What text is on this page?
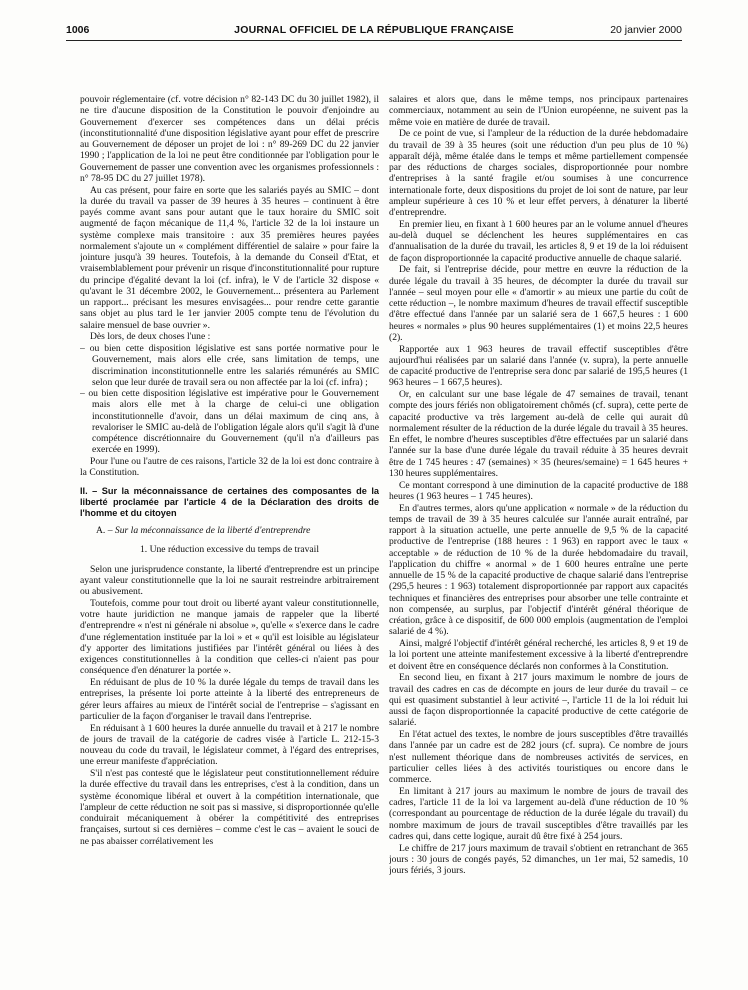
1006	JOURNAL OFFICIEL DE LA RÉPUBLIQUE FRANÇAISE	20 janvier 2000

pouvoir réglementaire (cf. votre décision n° 82-143 DC du 30 juillet 1982), il ne tire d'aucune disposition de la Constitution le pouvoir d'enjoindre au Gouvernement d'exercer ses compétences dans un délai précis (inconstitutionnalité d'une disposition législative ayant pour effet de prescrire au Gouvernement de déposer un projet de loi : n° 89-269 DC du 22 janvier 1990 ; l'application de la loi ne peut être conditionnée par l'obligation pour le Gouvernement de passer une convention avec les organismes professionnels : n° 78-95 DC du 27 juillet 1978).

Au cas présent, pour faire en sorte que les salariés payés au SMIC – dont la durée du travail va passer de 39 heures à 35 heures – continuent à être payés comme avant sans pour autant que le taux horaire du SMIC soit augmenté de façon mécanique de 11,4 %, l'article 32 de la loi instaure un système complexe mais transitoire : aux 35 premières heures payées normalement s'ajoute un « complément différentiel de salaire » pour faire la jointure jusqu'à 39 heures. Toutefois, à la demande du Conseil d'Etat, et vraisemblablement pour prévenir un risque d'inconstitutionnalité pour rupture du principe d'égalité devant la loi (cf. infra), le V de l'article 32 dispose « qu'avant le 31 décembre 2002, le Gouvernement... présentera au Parlement un rapport... précisant les mesures envisagées... pour rendre cette garantie sans objet au plus tard le 1er janvier 2005 compte tenu de l'évolution du salaire mensuel de base ouvrier ».

Dès lors, de deux choses l'une :

– ou bien cette disposition législative est sans portée normative pour le Gouvernement, mais alors elle crée, sans limitation de temps, une discrimination inconstitutionnelle entre les salariés rémunérés au SMIC selon que leur durée de travail sera ou non affectée par la loi (cf. infra) ;

– ou bien cette disposition législative est impérative pour le Gouvernement mais alors elle met à la charge de celui-ci une obligation inconstitutionnelle d'avoir, dans un délai maximum de cinq ans, à revaloriser le SMIC au-delà de l'obligation légale alors qu'il s'agit là d'une compétence discrétionnaire du Gouvernement (qu'il n'a d'ailleurs pas exercée en 1999).

Pour l'une ou l'autre de ces raisons, l'article 32 de la loi est donc contraire à la Constitution.

II. – Sur la méconnaissance de certaines des composantes de la liberté proclamée par l'article 4 de la Déclaration des droits de l'homme et du citoyen

A. – Sur la méconnaissance de la liberté d'entreprendre

1. Une réduction excessive du temps de travail

Selon une jurisprudence constante, la liberté d'entreprendre est un principe ayant valeur constitutionnelle que la loi ne saurait restreindre arbitrairement ou abusivement.

Toutefois, comme pour tout droit ou liberté ayant valeur constitutionnelle, votre haute juridiction ne manque jamais de rappeler que la liberté d'entreprendre « n'est ni générale ni absolue », qu'elle « s'exerce dans le cadre d'une réglementation instituée par la loi » et « qu'il est loisible au législateur d'y apporter des limitations justifiées par l'intérêt général ou liées à des exigences constitutionnelles à la condition que celles-ci n'aient pas pour conséquence d'en dénaturer la portée ».

En réduisant de plus de 10 % la durée légale du temps de travail dans les entreprises, la présente loi porte atteinte à la liberté des entrepreneurs de gérer leurs affaires au mieux de l'intérêt social de l'entreprise – s'agissant en particulier de la façon d'organiser le travail dans l'entreprise.

En réduisant à 1 600 heures la durée annuelle du travail et à 217 le nombre de jours de travail de la catégorie de cadres visée à l'article L. 212-15-3 nouveau du code du travail, le législateur commet, à l'égard des entreprises, une erreur manifeste d'appréciation.

S'il n'est pas contesté que le législateur peut constitutionnellement réduire la durée effective du travail dans les entreprises, c'est à la condition, dans un système économique libéral et ouvert à la compétition internationale, que l'ampleur de cette réduction ne soit pas si massive, si disproportionnée qu'elle conduirait mécaniquement à obérer la compétitivité des entreprises françaises, surtout si ces dernières – comme c'est le cas – avaient le souci de ne pas abaisser corrélativement les

salaires et alors que, dans le même temps, nos principaux partenaires commerciaux, notamment au sein de l'Union européenne, ne suivent pas la même voie en matière de durée de travail.

De ce point de vue, si l'ampleur de la réduction de la durée hebdomadaire du travail de 39 à 35 heures (soit une réduction d'un peu plus de 10 %) apparaît déjà, même étalée dans le temps et même partiellement compensée par des réductions de charges sociales, disproportionnée pour nombre d'entreprises à la santé fragile et/ou soumises à une concurrence internationale forte, deux dispositions du projet de loi sont de nature, par leur ampleur supérieure à ces 10 % et leur effet pervers, à dénaturer la liberté d'entreprendre.

En premier lieu, en fixant à 1 600 heures par an le volume annuel d'heures au-delà duquel se déclenchent les heures supplémentaires en cas d'annualisation de la durée du travail, les articles 8, 9 et 19 de la loi réduisent de façon disproportionnée la capacité productive annuelle de chaque salarié.

De fait, si l'entreprise décide, pour mettre en œuvre la réduction de la durée légale du travail à 35 heures, de décompter la durée du travail sur l'année – seul moyen pour elle « d'amortir » au mieux une partie du coût de cette réduction –, le nombre maximum d'heures de travail effectif susceptible d'être effectué dans l'année par un salarié sera de 1 667,5 heures : 1 600 heures « normales » plus 90 heures supplémentaires (1) et moins 22,5 heures (2).

Rapportée aux 1 963 heures de travail effectif susceptibles d'être aujourd'hui réalisées par un salarié dans l'année (v. supra), la perte annuelle de capacité productive de l'entreprise sera donc par salarié de 195,5 heures (1 963 heures – 1 667,5 heures).

Or, en calculant sur une base légale de 47 semaines de travail, tenant compte des jours fériés non obligatoirement chômés (cf. supra), cette perte de capacité productive va très largement au-delà de celle qui aurait dû normalement résulter de la réduction de la durée légale du travail à 35 heures. En effet, le nombre d'heures susceptibles d'être effectuées par un salarié dans l'année sur la base d'une durée légale du travail réduite à 35 heures devrait être de 1 745 heures : 47 (semaines) × 35 (heures/semaine) = 1 645 heures + 130 heures supplémentaires.

Ce montant correspond à une diminution de la capacité productive de 188 heures (1 963 heures – 1 745 heures).

En d'autres termes, alors qu'une application « normale » de la réduction du temps de travail de 39 à 35 heures calculée sur l'année aurait entraîné, par rapport à la situation actuelle, une perte annuelle de 9,5 % de la capacité productive de l'entreprise (188 heures : 1 963) en rapport avec le taux « acceptable » de réduction de 10 % de la durée hebdomadaire du travail, l'application du chiffre « anormal » de 1 600 heures entraîne une perte annuelle de 15 % de la capacité productive de chaque salarié dans l'entreprise (295,5 heures : 1 963) totalement disproportionnée par rapport aux capacités techniques et financières des entreprises pour absorber une telle contrainte et non compensée, au surplus, par l'objectif d'intérêt général théorique de création, grâce à ce dispositif, de 600 000 emplois (augmentation de l'emploi salarié de 4 %).

Ainsi, malgré l'objectif d'intérêt général recherché, les articles 8, 9 et 19 de la loi portent une atteinte manifestement excessive à la liberté d'entreprendre et doivent être en conséquence déclarés non conformes à la Constitution.

En second lieu, en fixant à 217 jours maximum le nombre de jours de travail des cadres en cas de décompte en jours de leur durée du travail – ce qui est quasiment substantiel à leur activité –, l'article 11 de la loi réduit lui aussi de façon disproportionnée la capacité productive de cette catégorie de salarié.

En l'état actuel des textes, le nombre de jours susceptibles d'être travaillés dans l'année par un cadre est de 282 jours (cf. supra). Ce nombre de jours n'est nullement théorique dans de nombreuses activités de services, en particulier celles liées à des activités touristiques ou encore dans le commerce.

En limitant à 217 jours au maximum le nombre de jours de travail des cadres, l'article 11 de la loi va largement au-delà d'une réduction de 10 % (correspondant au pourcentage de réduction de la durée légale du travail) du nombre maximum de jours de travail susceptibles d'être travaillés par les cadres qui, dans cette logique, aurait dû être fixé à 254 jours.

Le chiffre de 217 jours maximum de travail s'obtient en retranchant de 365 jours : 30 jours de congés payés, 52 dimanches, un 1er mai, 52 samedis, 10 jours fériés, 3 jours.
